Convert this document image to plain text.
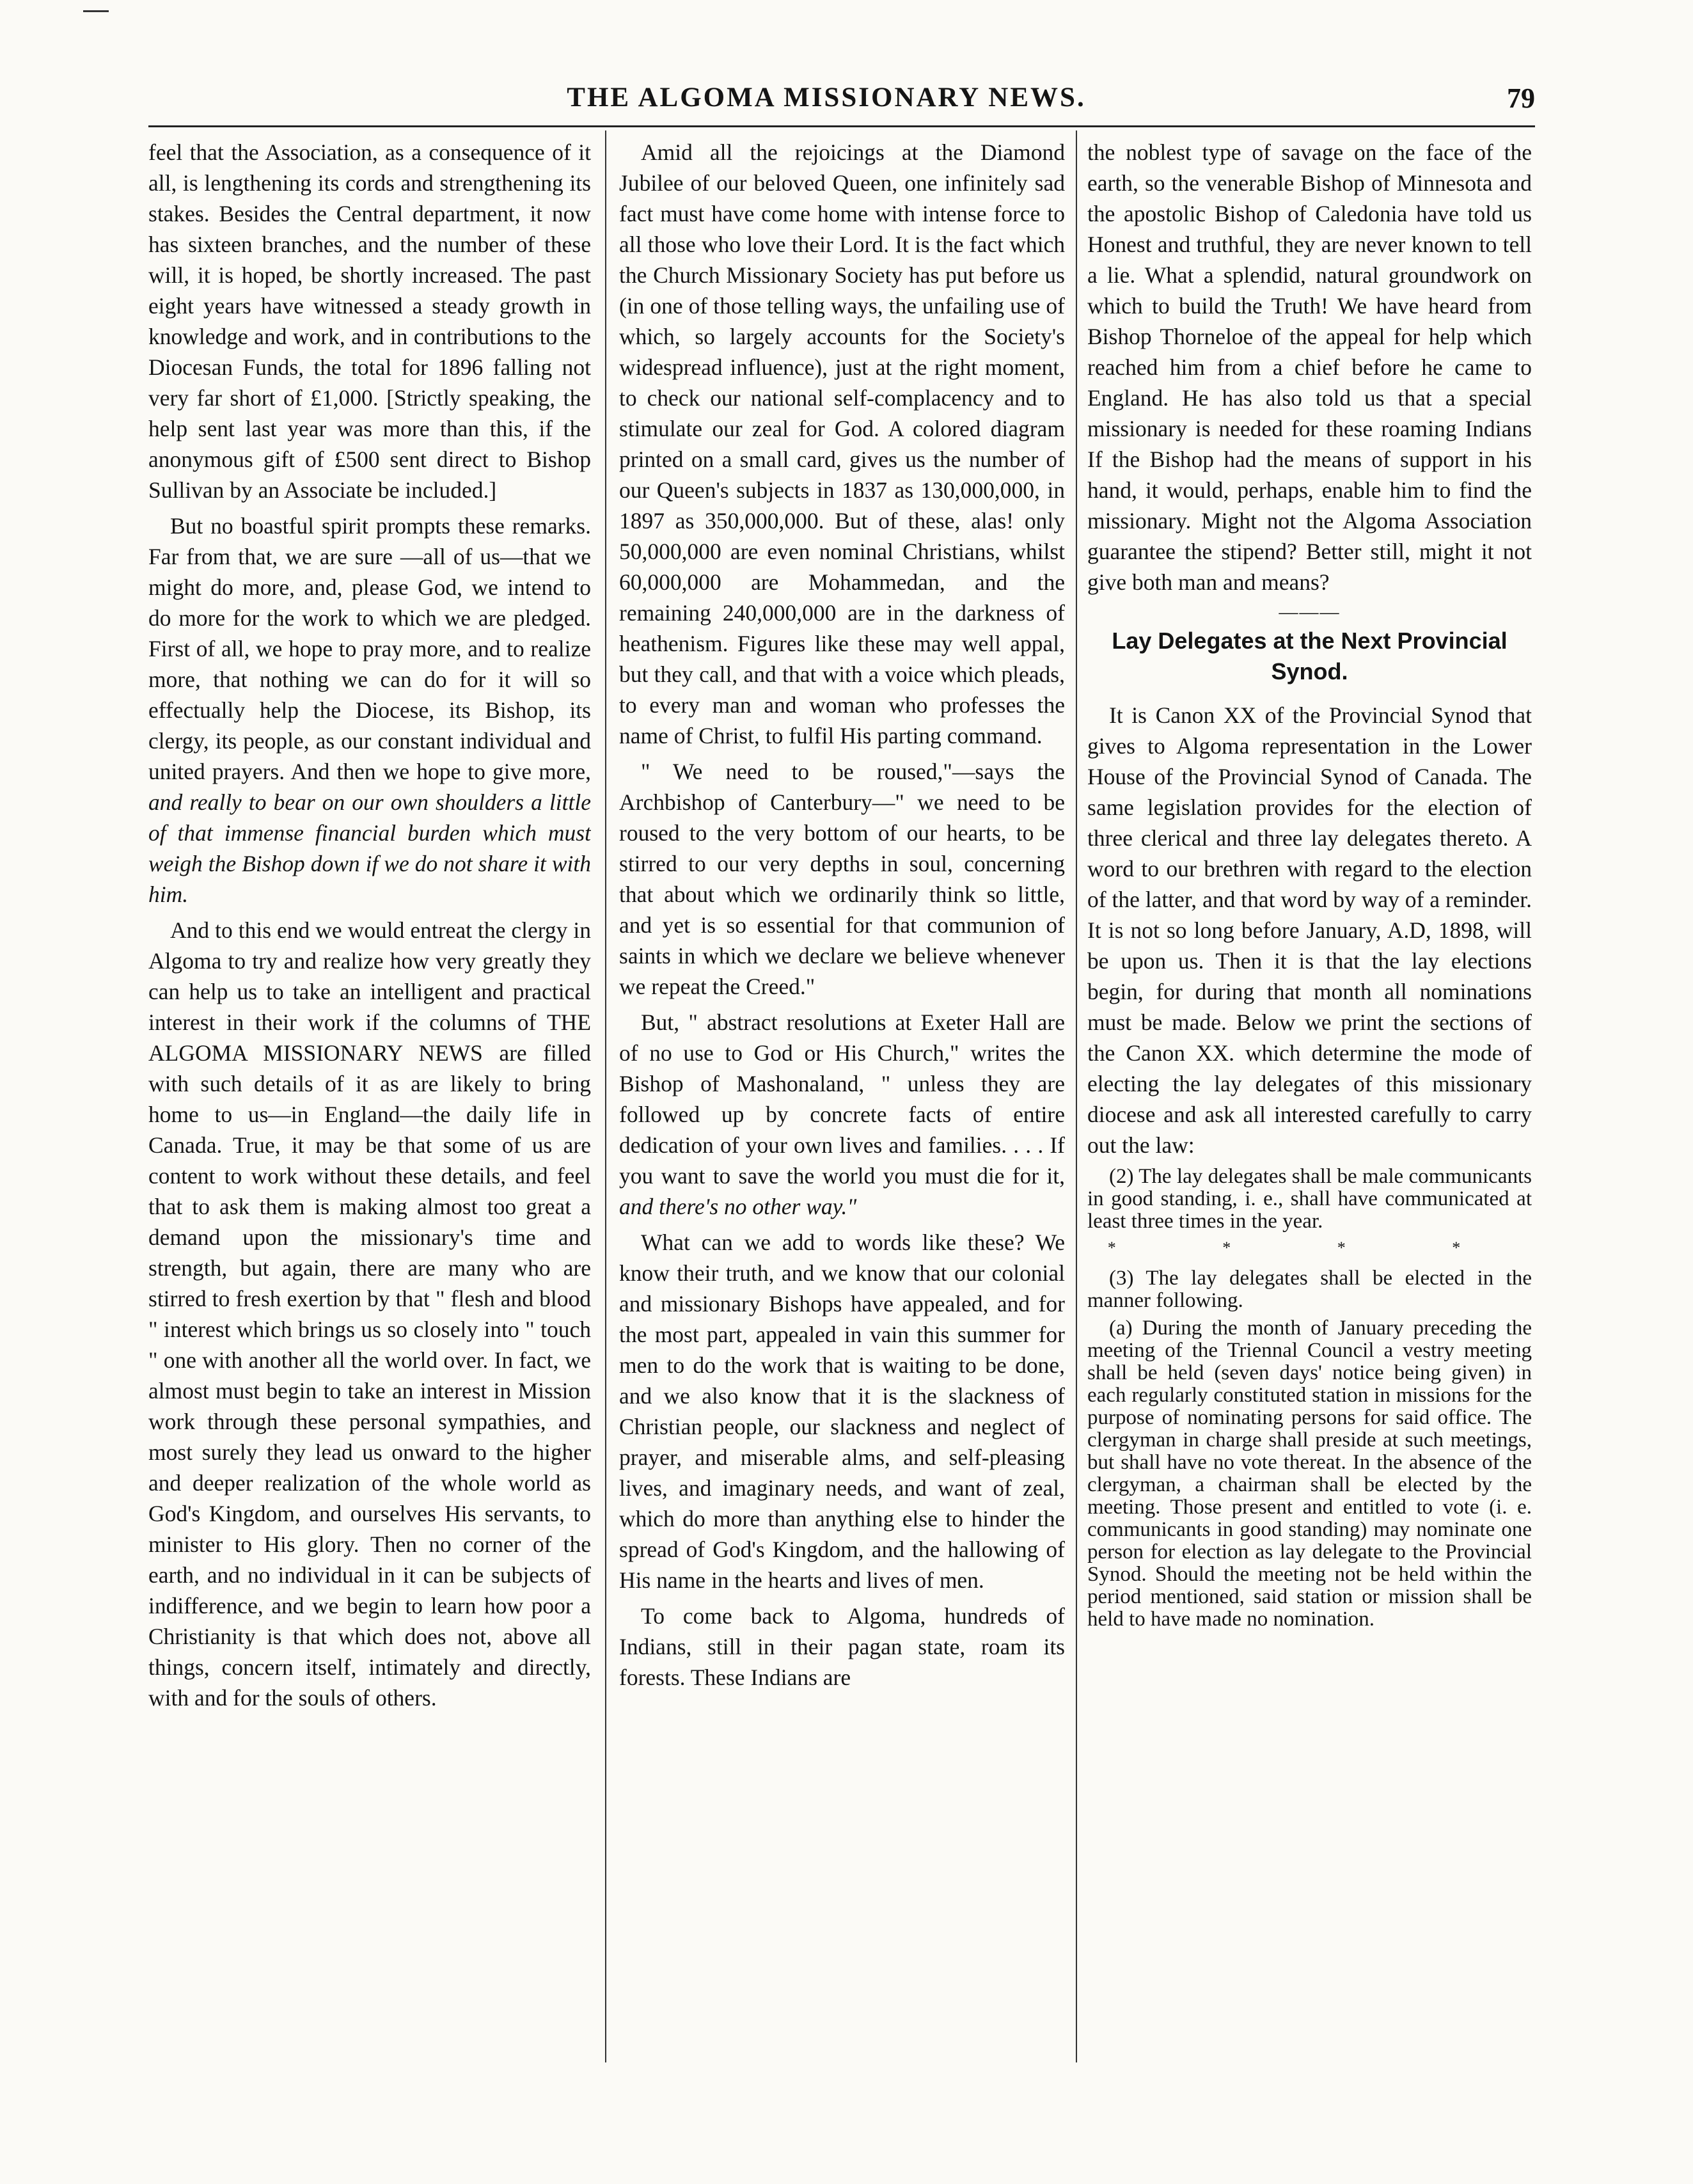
THE ALGOMA MISSIONARY NEWS.	79

feel that the Association, as a consequence of it all, is lengthening its cords and strengthening its stakes. Besides the Central department, it now has sixteen branches, and the number of these will, it is hoped, be shortly increased. The past eight years have witnessed a steady growth in knowledge and work, and in contributions to the Diocesan Funds, the total for 1896 falling not very far short of £1,000. [Strictly speaking, the help sent last year was more than this, if the anonymous gift of £500 sent direct to Bishop Sullivan by an Associate be included.]

But no boastful spirit prompts these remarks. Far from that, we are sure —all of us—that we might do more, and, please God, we intend to do more for the work to which we are pledged. First of all, we hope to pray more, and to realize more, that nothing we can do for it will so effectually help the Diocese, its Bishop, its clergy, its people, as our constant individual and united prayers. And then we hope to give more, and really to bear on our own shoulders a little of that immense financial burden which must weigh the Bishop down if we do not share it with him.

And to this end we would entreat the clergy in Algoma to try and realize how very greatly they can help us to take an intelligent and practical interest in their work if the columns of THE ALGOMA MISSIONARY NEWS are filled with such details of it as are likely to bring home to us—in England—the daily life in Canada. True, it may be that some of us are content to work without these details, and feel that to ask them is making almost too great a demand upon the missionary's time and strength, but again, there are many who are stirred to fresh exertion by that " flesh and blood " interest which brings us so closely into " touch " one with another all the world over. In fact, we almost must begin to take an interest in Mission work through these personal sympathies, and most surely they lead us onward to the higher and deeper realization of the whole world as God's Kingdom, and ourselves His servants, to minister to His glory. Then no corner of the earth, and no individual in it can be subjects of indifference, and we begin to learn how poor a Christianity is that which does not, above all things, concern itself, intimately and directly, with and for the souls of others.

Amid all the rejoicings at the Diamond Jubilee of our beloved Queen, one infinitely sad fact must have come home with intense force to all those who love their Lord. It is the fact which the Church Missionary Society has put before us (in one of those telling ways, the unfailing use of which, so largely accounts for the Society's widespread influence), just at the right moment, to check our national self-complacency and to stimulate our zeal for God. A colored diagram printed on a small card, gives us the number of our Queen's subjects in 1837 as 130,000,000, in 1897 as 350,000,000. But of these, alas! only 50,000,000 are even nominal Christians, whilst 60,000,000 are Mohammedan, and the remaining 240,000,000 are in the darkness of heathenism. Figures like these may well appal, but they call, and that with a voice which pleads, to every man and woman who professes the name of Christ, to fulfil His parting command.

" We need to be roused,"—says the Archbishop of Canterbury—" we need to be roused to the very bottom of our hearts, to be stirred to our very depths in soul, concerning that about which we ordinarily think so little, and yet is so essential for that communion of saints in which we declare we believe whenever we repeat the Creed."

But, " abstract resolutions at Exeter Hall are of no use to God or His Church," writes the Bishop of Mashonaland, " unless they are followed up by concrete facts of entire dedication of your own lives and families. . . . If you want to save the world you must die for it, and there's no other way."

What can we add to words like these? We know their truth, and we know that our colonial and missionary Bishops have appealed, and for the most part, appealed in vain this summer for men to do the work that is waiting to be done, and we also know that it is the slackness of Christian people, our slackness and neglect of prayer, and miserable alms, and self-pleasing lives, and imaginary needs, and want of zeal, which do more than anything else to hinder the spread of God's Kingdom, and the hallowing of His name in the hearts and lives of men.

To come back to Algoma, hundreds of Indians, still in their pagan state, roam its forests. These Indians are

the noblest type of savage on the face of the earth, so the venerable Bishop of Minnesota and the apostolic Bishop of Caledonia have told us Honest and truthful, they are never known to tell a lie. What a splendid, natural groundwork on which to build the Truth! We have heard from Bishop Thorneloe of the appeal for help which reached him from a chief before he came to England. He has also told us that a special missionary is needed for these roaming Indians If the Bishop had the means of support in his hand, it would, perhaps, enable him to find the missionary. Might not the Algoma Association guarantee the stipend? Better still, might it not give both man and means?

———
Lay Delegates at the Next Provincial Synod.

It is Canon XX of the Provincial Synod that gives to Algoma representation in the Lower House of the Provincial Synod of Canada. The same legislation provides for the election of three clerical and three lay delegates thereto. A word to our brethren with regard to the election of the latter, and that word by way of a reminder. It is not so long before January, A.D, 1898, will be upon us. Then it is that the lay elections begin, for during that month all nominations must be made. Below we print the sections of the Canon XX. which determine the mode of electing the lay delegates of this missionary diocese and ask all interested carefully to carry out the law:

(2) The lay delegates shall be male communicants in good standing, i. e., shall have communicated at least three times in the year.

* * * *

(3) The lay delegates shall be elected in the manner following.

(a) During the month of January preceding the meeting of the Triennal Council a vestry meeting shall be held (seven days' notice being given) in each regularly constituted station in missions for the purpose of nominating persons for said office. The clergyman in charge shall preside at such meetings, but shall have no vote thereat. In the absence of the clergyman, a chairman shall be elected by the meeting. Those present and entitled to vote (i. e. communicants in good standing) may nominate one person for election as lay delegate to the Provincial Synod. Should the meeting not be held within the period mentioned, said station or mission shall be held to have made no nomination.
